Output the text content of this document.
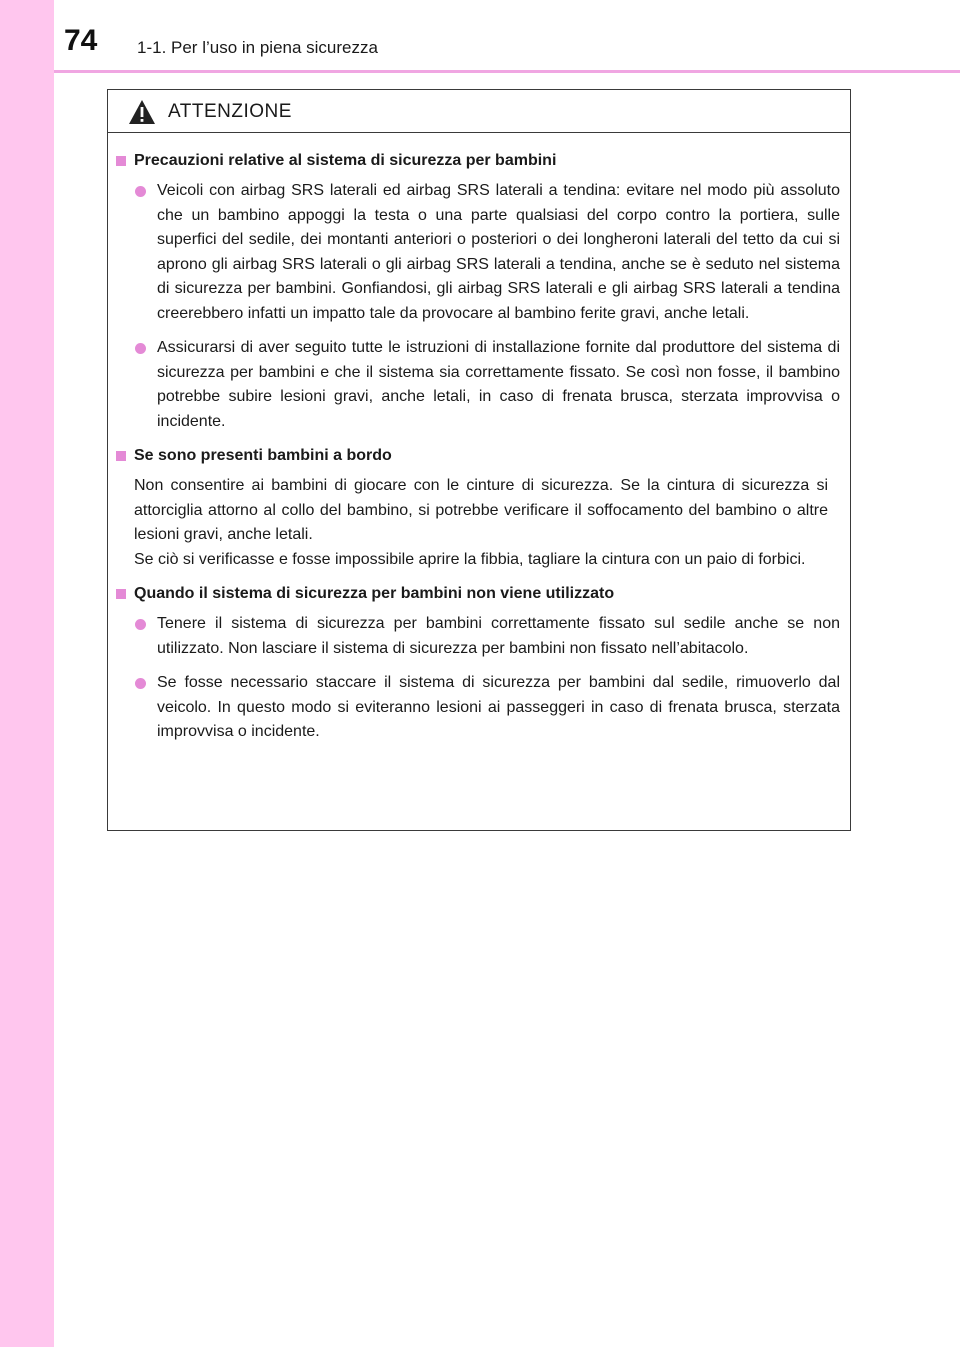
74 1-1. Per l’uso in piena sicurezza
ATTENZIONE
Precauzioni relative al sistema di sicurezza per bambini
Veicoli con airbag SRS laterali ed airbag SRS laterali a tendina: evitare nel modo più assoluto che un bambino appoggi la testa o una parte qualsiasi del corpo contro la portiera, sulle superfici del sedile, dei montanti anteriori o posteriori o dei longheroni laterali del tetto da cui si aprono gli airbag SRS laterali o gli airbag SRS laterali a tendina, anche se è seduto nel sistema di sicurezza per bambini. Gonfiandosi, gli airbag SRS laterali e gli airbag SRS laterali a tendina creerebbero infatti un impatto tale da provocare al bambino ferite gravi, anche letali.
Assicurarsi di aver seguito tutte le istruzioni di installazione fornite dal produttore del sistema di sicurezza per bambini e che il sistema sia correttamente fissato. Se così non fosse, il bambino potrebbe subire lesioni gravi, anche letali, in caso di frenata brusca, sterzata improvvisa o incidente.
Se sono presenti bambini a bordo
Non consentire ai bambini di giocare con le cinture di sicurezza. Se la cintura di sicurezza si attorciglia attorno al collo del bambino, si potrebbe verificare il soffocamento del bambino o altre lesioni gravi, anche letali.
Se ciò si verificasse e fosse impossibile aprire la fibbia, tagliare la cintura con un paio di forbici.
Quando il sistema di sicurezza per bambini non viene utilizzato
Tenere il sistema di sicurezza per bambini correttamente fissato sul sedile anche se non utilizzato. Non lasciare il sistema di sicurezza per bambini non fissato nell’abitacolo.
Se fosse necessario staccare il sistema di sicurezza per bambini dal sedile, rimuoverlo dal veicolo. In questo modo si eviteranno lesioni ai passeggeri in caso di frenata brusca, sterzata improvvisa o incidente.
